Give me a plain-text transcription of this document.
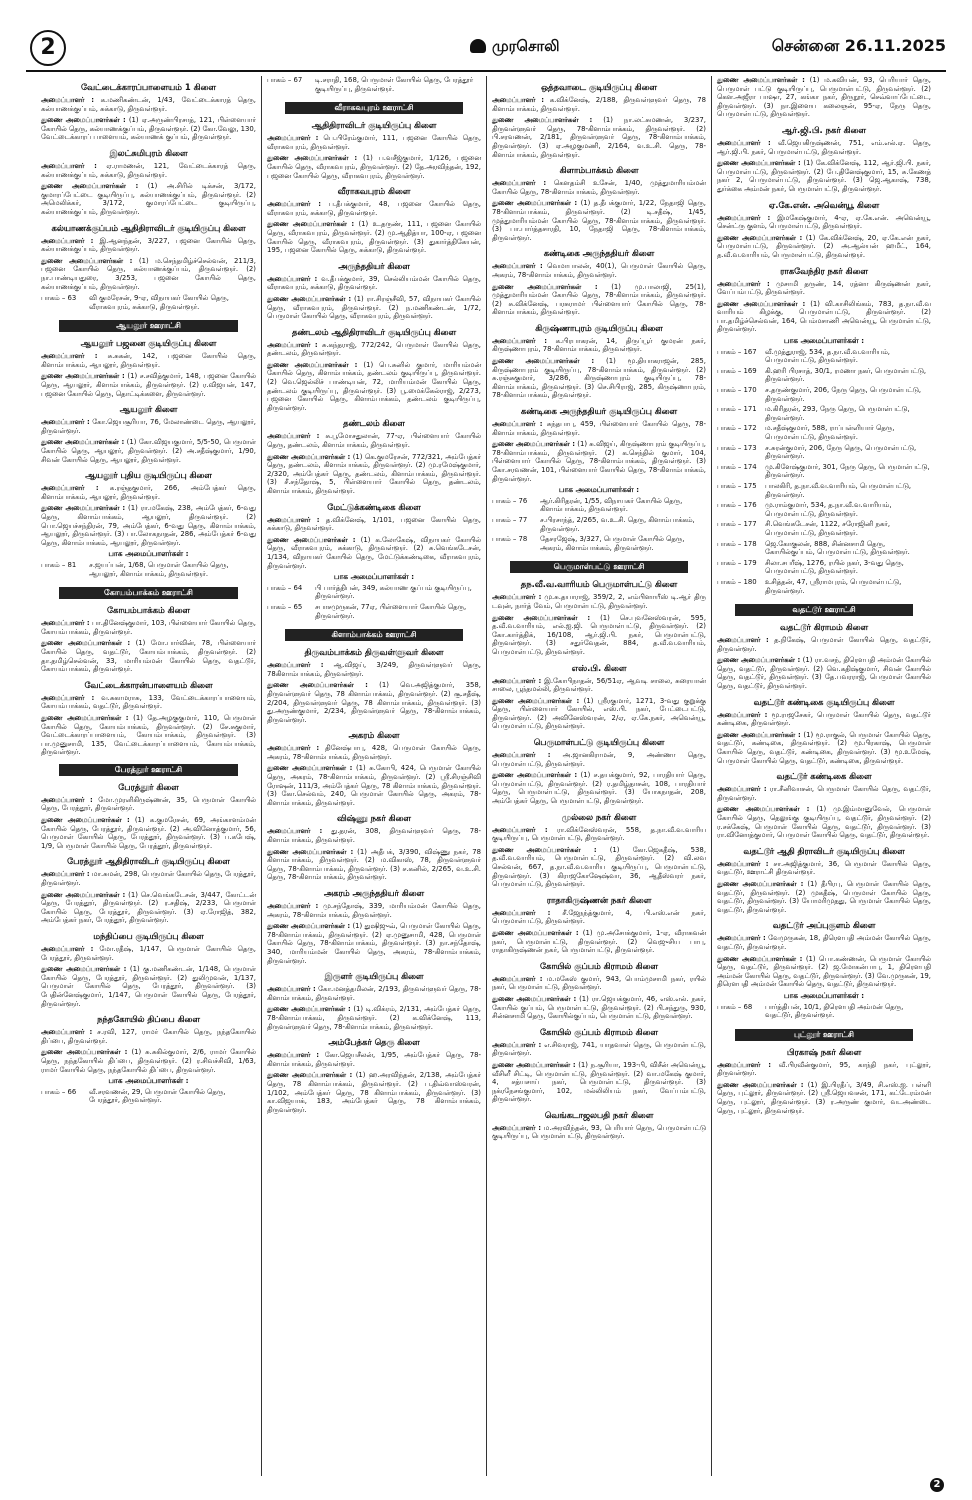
2	முரசொலி	சென்னை 26.11.2025
வேட்டைக்காரப்பாளையம் 1 கிளை
அமைப்பாளர் : க.மணிகண்டன், 1/43, வேட்டைக்காரத் தெரு, கல்யாணக்குப்பம், சுக்காடு, திருவள்ளூர்.
துணை அமைப்பாளர்கள் : (1) ஏ.அருண்பிரசாத், 121, பிள்ளையார் கோயில் தெரு, கல்யாணக்குப்பம், திருவள்ளூர். (2) கோ.வேலு, 130, வேட்டைக்காரப் பாளையம், கல்யாணக் குப்பம், திருவள்ளூர்.
இலட்சுமிபுரம் கிளை
அமைப்பாளர் : ஏ.ராமணன், 121, வேட்டைக்காரத் தெரு, கல்யாணக்குப்பம், சுக்காடு, திருவள்ளூர்.
துணை அமைப்பாளர்கள் : (1) அ.சிரில் டிக்சன், 3/172, குமாரப்பேட்டை குடியிருப்பு, கல்யாணக்குப்பம், திருவள்ளூர். (2) அமெலிக்கர், 3/172, குமாரப்பேட்டை குடியிருப்பு, கல்யாணக்குப்பம், திருவள்ளூர்.
கல்யாணக்குப்பம் ஆதிதிராவிடர் குடியிருப்பு கிளை
அமைப்பாளர் : இ.ஆனந்தன், 3/227, பஜனை கோயில் தெரு, கல்யாணக்குப்பம், திருவள்ளூர்.
துணை அமைப்பாளர்கள் : (1) ம.செந்தமிழ்ச்செல்வன், 211/3, பஜனை கோயில் தெரு, கல்யாணக்குப்பம், திருவள்ளூர். (2) நா.பாண்டியதுரை, 3/253, பஜனை கோயில் தெரு, கல்யாணக்குப்பம், திருவள்ளூர்.
பாகம் – 63	வி குமரேசன், 9-ஏ, விநாயகர் கோயில் தெரு, வீராகவபுரம், சுக்காடு, திருவள்ளூர்.
ஆயலூர் ஊராட்சி
ஆயலூர் பஜனை குடியிருப்பு கிளை
அமைப்பாளர் : சு.சுகன், 142, பஜனை கோயில் தெரு, கிளாம்பாக்கம், ஆயலூர், திருவள்ளூர்.
துணை அமைப்பாளர்கள் : (1) ச.சவித்குமார், 148, பஜனை கோயில் தெரு, ஆயலூர், கிளாம்பாக்கம், திருவள்ளூர். (2) ர.விஜயன், 147, பஜனை கோயில் தெரு, தொட்டிக்களை, திருவள்ளூர்.
ஆயலூர் கிளை
அமைப்பாளர் : கோ.ஜெயசூரியா, 76, மேலாண்டை தெரு, ஆயலூர், திருவள்ளூர்.
துணை அமைப்பாளர்கள் : (1) கோ.விஜயகுமார், 5/5-50, பெருமாள் கோயில் தெரு, ஆயலூர், திருவள்ளூர். (2) அ.சதீஷ்குமார், 1/90, சிவன் கோயில் தெரு, ஆயலூர், திருவள்ளூர்.
ஆயலூர் புதிய குடியிருப்பு கிளை
அமைப்பாளர் : க.ரஞ்தகுமார், 266, அம்பேத்கர் தெரு, கிளாம்பாக்கம், ஆயலூர், திருவள்ளூர்.
துணை அமைப்பாளர்கள் : (1) ரா.மகேஷ், 238, அம்பேத்கர், 6-வது தெரு, கிளாம்பாக்கம், ஆயலூர், திருவள்ளூர். (2) பொ.ஜெயச்சந்திரன், 79, அம்பேத்கர், 6-வது தெரு, கிளாம்பாக்கம், ஆயலூர், திருவள்ளூர். (3) பா.லோகநாதன், 286, அம்பேத்கர் 6-வது தெரு, கிளாம்பாக்கம், ஆயலூர், திருவள்ளூர்.
பாக அமைப்பாளர்கள் :
பாகம் – 81	ச.ஜயப்பன், 1/68, பெருமாள் கோயில் தெரு, ஆயலூர், கிளாம்பாக்கம், திருவள்ளூர்.
கோயம்பாக்கம் ஊராட்சி
கோயம்பாக்கம் கிளை
அமைப்பாளர் : பா.தினேஷ்குமார், 103, பிள்ளையார் கோயில் தெரு, கோயம்பாக்கம், திருவள்ளூர்.
துணை அமைப்பாளர்கள் : (1) மோ.பார்வின், 78, பிள்ளையார் கோயில் தெரு, வதட்டூர், கோயம்பாக்கம், திருவள்ளூர். (2) தா.தமிழ்செல்வன், 33, மாரியம்மன் கோயில் தெரு, வதட்டூர், கோயம்பாக்கம், திருவள்ளூர்.
வேட்டைக்காரன்பாளையம் கிளை
அமைப்பாளர் : வ.சுகாமராசு, 133, வேட்டைக்காரப்பாளையம், கோயம்பாக்கம், வதட்டூர், திருவள்ளூர்.
துணை அமைப்பாளர்கள் : (1) தே.அழகுகுமார், 110, பெருமாள் கோயில் தெரு, கோயம்பாக்கம், திருவள்ளூர். (2) சே.சுகுமார், வேட்டைக்காரப்பாளையம், கோயம்பாக்கம், திருவள்ளூர். (3) பா.முனுசாமி, 135, வேட்டைக்காரப்பாளையம், கோயம்பாக்கம், திருவள்ளூர்.
பேரத்தூர் ஊராட்சி
பேரத்தூர் கிளை
அமைப்பாளர் : மோ.முரளிகிருஷ்ணன், 35, பெருமாள் கோயில் தெரு, பேரத்தூர், திருவள்ளூர்.
துணை அமைப்பாளர்கள் : (1) க.குமரேசன், 69, அங்காளம்மன் கோயில் தெரு, பேரத்தூர், திருவள்ளூர். (2) அ.வினோத்குமார், 56, பெருமாள் கோயில் தெரு, பேரத்தூர், திருவள்ளூர். (3) ப.கபேஷ், 1/9, பெருமாள் கோயில் தெரு, பேரத்தூர், திருவள்ளூர்.
பேரத்தூர் ஆதிதிராவிடர் குடியிருப்பு கிளை
அமைப்பாளர் : மா.சுமன், 298, பெருமாள் கோயில் தெரு, பேரத்தூர், திருவள்ளூர்.
துணை அமைப்பாளர்கள் : (1) செ.வெங்கடேசன், 3/447, கோட்டன் தெரு, பேரத்தூர், திருவள்ளூர். (2) ர.சதிஷ், 2/233, பெருமாள் கோயில் தெரு, பேரத்தூர், திருவள்ளூர். (3) ஏ.ரோஜித், 382, அம்பேத்கர் நகர், பேரத்தூர், திருவள்ளூர்.
மந்திப்பை குடியிருப்பு கிளை
அமைப்பாளர் : மோ.ரதீஷ், 1/147, பெருமாள் கோயில் தெரு, பேரத்தூர், திருவள்ளூர்.
துணை அமைப்பாளர்கள் : (1) கு.மணிகண்டன், 1/148, பெருமாள் கோயில் தெரு, பேரத்தூர், திருவள்ளூர். (2) துலிமுவன், 1/137, பெருமாள் கோயில் தெரு, பேரத்தூர், திருவள்ளூர். (3) பேதின்னேஷ்குமார், 1/147, பெருமாள் கோயில் தெரு, பேரத்தூர், திருவள்ளூர்.
நந்தகோயில் திப்பை கிளை
அமைப்பாளர் : ச.ரவி, 127, ராமர் கோயில் தெரு, நந்தகோயில் திப்பை, திருவள்ளூர்.
துணை அமைப்பாளர்கள் : (1) சு.சுகில்குமார், 2/6, ராமர் கோயில் தெரு, நந்தகோயில் திப்பை, திருவள்ளூர். (2) ர.சிவச்சிவி, 1/63, ராமர் கோயில் தெரு, நந்தகோயில் திப்பை, திருவள்ளூர்.
பாக அமைப்பாளர்கள் :
பாகம் – 66	வீ.சரவணன், 29, பெருமாள் கோயில் தெரு, பேரத்தூர், திருவள்ளூர்.
பாகம் – 67	டி.சராதி, 168, பெருமாள் கோயில் தெரு, பேரத்தூர் குடியிருப்பு, திருவள்ளூர்.
வீராகவபுரம் ஊராட்சி
ஆதிதிராவிடர் குடியிருப்பு கிளை
அமைப்பாளர் : பெ.பிரேம்குமார், 111, பஜனை கோயில் தெரு, வீராகவபுரம், திருவள்ளூர்.
துணை அமைப்பாளர்கள் : (1) ப.வசீஜ்குமார், 1/126, பஜனை கோயில் தெரு, வீராகவபுரம், திருவள்ளூர். (2) தே.அரவிந்தன், 192, பஜனை கோயில் தெரு, வீராகவபுரம், திருவள்ளூர்.
வீராகவபுரம் கிளை
அமைப்பாளர் : ப.தீபக்குமார், 48, பஜனை கோயில் தெரு, வீராகவபுரம், சுக்காடு, திருவள்ளூர்.
துணை அமைப்பாளர்கள் : (1) உ.தருண், 111, பஜனை கோயில் தெரு, வீராகவபுரம், திருவள்ளூர். (2) மு.ஆதித்யா, 100-ஏ, பஜனை கோயில் தெரு, வீராகவபுரம், திருவள்ளூர். (3) துகார்த்திகேயன், 195, பஜனை கோயில் தெரு, சுக்காடு, திருவள்ளூர்.
அருந்ததியர் கிளை
அமைப்பாளர் : வ.தீபக்குமார், 39, செல்லியம்மன் கோயில் தெரு, வீராகவபுரம், சுக்காடு, திருவள்ளூர்.
துணை அமைப்பாளர்கள் : (1) ரா.சிரஞ்சீவி, 57, விநாயகர் கோயில் தெரு, வீராகவபுரம், திருவள்ளூர். (2) ந.மணிகண்டன், 1/72, பெருமாள் கோயில் தெரு, வீராகவபுரம், திருவள்ளூர்.
தண்டலம் ஆதிதிராவிடர் குடியிருப்பு கிளை
அமைப்பாளர் : சு.கந்தராஜ், 772/242, பெருமாள் கோயில் தெரு, தண்டலம், திருவள்ளூர்.
துணை அமைப்பாளர்கள் : (1) பெ.சுனில் குமார், மாரியம்மன் கோயில் தெரு, கிளாம்பாக்கம், தண்டலம் குடியிருப்பு, திருவள்ளூர். (2) வெ.ஜெல்லிச் பாண்டியன், 72, மாரியம்மன் கோயில் தெரு, தண்டலம் குடியிருப்பு, திருவள்ளூர். (3) பூ.மைக்கேல்ராஜ், 2/273, பஜனை கோயில் தெரு, கிளாம்பாக்கம், தண்டலம் குடியிருப்பு, திருவள்ளூர்.
தண்டலம் கிளை
அமைப்பாளர் : சு.பூமோசதுலான், 77-ஏ, பிள்ளையார் கோயில் தெரு, தண்டலம், கிளாம்பாக்கம், திருவள்ளூர்.
துணை அமைப்பாளர்கள் : (1) கெ.குமரேசன், 772/321, அம்பேத்கர் தெரு, தண்டலம், கிளாம்பாக்கம், திருவள்ளூர். (2) மு.ரமேஷ்குமார், 2/320, அம்பேத்கர் தெரு, தண்டலம், கிளாம்பாக்கம், திருவள்ளூர். (3) சீ.சந்தோஷ், 5, பிள்ளையார் கோயில் தெரு, தண்டலம், கிளாம்பாக்கம், திருவள்ளூர்.
மேட்டுக்கண்டிகை கிளை
அமைப்பாளர் : த.விக்னேஷ், 1/101, பஜனை கோயில் தெரு, சுக்காடு, திருவள்ளூர்.
துணை அமைப்பாளர்கள் : (1) க.லோகேஷ், விநாயகர் கோயில் தெரு, வீராகவபுரம், சுக்காடு, திருவள்ளூர். (2) சு.வெங்கடேசன், 1/134, விநாயகர் கோயில் தெரு, மேட்டுக்கண்டிகை, வீராகவபுரம், திருவள்ளூர்.
பாக அமைப்பாளர்கள் :
பாகம் – 64	பி பார்த்திபன், 349, கல்யாண குப்பம் குடியிருப்பு, திருவள்ளூர்.
பாகம் – 65	சபாசமுருகன், 77ஏ, பிள்ளையார் கோயில் தெரு, திருவள்ளூர்.
கிளாம்பாக்கம் ஊராட்சி
திருவம்பாக்கம் திருவள்ளுவர் கிளை
அமைப்பாளர் : ஆ.விஜய், 3/249, திருவள்ளுவர் தெரு, 78கிளாம்பாக்கம், திருவள்ளூர்.
துணை அமைப்பாளர்கள் : (1) வெ.அஜித்குமார், 358, திருவள்ளுவர் தெரு, 78 கிளாம்பாக்கம், திருவள்ளூர். (2) சூ.சதீஷ், 2/204, திருவள்ளுவர் தெரு, 78 கிளாம்பாக்கம், திருவள்ளூர். (3) து.அருண்குமார், 2/234, திருவள்ளுவர் தெரு, 78-கிளாம்பாக்கம், திருவள்ளூர்.
அகரம் கிளை
அமைப்பாளர் : தினேஷ்பாபு, 428, பெருமாள் கோயில் தெரு, அகரம், 78-கிளாம்பாக்கம், திருவள்ளூர்.
துணை அமைப்பாளர்கள் : (1) சு.கோபி, 424, பெருமாள் கோயில் தெரு, அகரம், 78-கிளாம்பாக்கம், திருவள்ளூர். (2) ஸ்ரீ.சிரஞ்சிவி ரோஷன், 111/3, அம்பேத்கர் தெரு, 78 கிளாம்பாக்கம், திருவள்ளூர். (3) கோ.செல்வம், 240, பெருமாள் கோயில் தெரு, அகரம், 78-கிளாம்பாக்கம், திருவள்ளூர்.
விஷ்ணு நகர் கிளை
அமைப்பாளர் : து.தரன், 308, திருவள்ளுவர் தெரு, 78-கிளாம்பாக்கம், திருவள்ளூர்.
துணை அமைப்பாளர்கள் : (1) அதீபக், 3/390, விஷ்ணு நகர், 78 கிளாம்பாக்கம், திருவள்ளூர். (2) ம.விகாஸ், 78, திருவள்ளுவர் தெரு, 78-கிளாம்பாக்கம், திருவள்ளூர். (3) ச.கனில், 2/265, வ.உ.சி. தெரு, 78-கிளாம்பாக்கம், திருவள்ளூர்.
அகரம் அருந்ததியர் கிளை
அமைப்பாளர் : மு.சந்தோஷ், 339, மாரியம்மன் கோயில் தெரு, அகரம், 78-கிளாம்பாக்கம், திருவள்ளூர்.
துணை அமைப்பாளர்கள் : (1) துஷிஜுவ், பெருமாள் கோயில் தெரு, 78-கிளாம்பாக்கம், திருவள்ளூர். (2) ஏ.முனுசாமி, 428, பெருமாள் கோயில் தெரு, 78-கிளாம்பாக்கம், திருவள்ளூர். (3) நா.சந்தோஷ், 340, மாரியம்மன் கோயில் தெரு, அகரம், 78-கிளாம்பாக்கம், திருவள்ளூர்.
இருளர் குடியிருப்பு கிளை
அமைப்பாளர் : கோ.மனத்தமிலன், 2/193, திருவள்ளுவர் தெரு, 78-கிளாம்பாக்கம், திருவள்ளூர்.
துணை அமைப்பாளர்கள் : (1) டி.விக்ரம், 2/131, அம்பேத்கர் தெரு, 78-கிளாம்பாக்கம், திருவள்ளூர். (2) க.விக்னேஷ், 113, திருவள்ளுவர் தெரு, 78-கிளாம்பாக்கம், திருவள்ளூர்.
அம்பேத்கர் தெரு கிளை
அமைப்பாளர் : கோ.ஜெயசீலன், 1/95, அம்பேத்கர் தெரு, 78-கிளாம்பாக்கம், திருவள்ளூர்.
துணை அமைப்பாளர்கள் : (1) ஹ.அரவிந்தன், 2/138, அம்பேத்கர் தெரு, 78 கிளாம்பாக்கம், திருவள்ளூர். (2) ப.திவ்வாஸ்வரன், 1/102, அம்பேத்கர் தெரு, 78 கிளாம்பாக்கம், திருவள்ளூர். (3) கா.விஜயாக், 183, அம்பேத்கர் தெரு, 78 கிளாம்பாக்கம், திருவள்ளூர்.
ஒத்தவாடை குடியிருப்பு கிளை
அமைப்பாளர் : க.விக்னேஷ், 2/188, திருவள்ளுவர் தெரு, 78 கிளாம்பாக்கம், திருவள்ளூர்.
துணை அமைப்பாளர்கள் : (1) நா.லட்சுமணன், 3/237, திருவள்ளுவர் தெரு, 78-கிளாம்பாக்கம், திருவள்ளூர். (2) பி.சரவணன், 2/181, திருவள்ளுவர் தெரு, 78-கிளாம்பாக்கம், திருவள்ளூர். (3) ஏ.அழகுமணி, 2/164, வ.உ.சி. தெரு, 78-கிளாம்பாக்கம், திருவள்ளூர்.
கிளாம்பாக்கம் கிளை
அமைப்பாளர் : கௌதம்சி உசேன், 1/40, முத்துமாரியம்மன் கோயில் தெரு, 78-கிளாம்பாக்கம், திருவள்ளூர்.
துணை அமைப்பாளர்கள் : (1) த.தீபக்குமார், 1/22, நேதாஜி தெரு, 78-கிளாம்பாக்கம், திருவள்ளூர். (2) டி.சதீஷ், 1/45, முத்துமாரியம்மன் கோயில் தெரு, 78-கிளாம்பாக்கம், திருவள்ளூர். (3) பா.பார்த்தசாரதி, 10, நேதாஜி தெரு, 78-கிளாம்பாக்கம், திருவள்ளூர்.
கண்டிகை அருந்ததியர் கிளை
அமைப்பாளர் : வெமாபாலன், 40(1), பெருமாள் கோயில் தெரு, அகரம், 78-கிளாம்பாக்கம், திருவள்ளூர்.
துணை அமைப்பாளர்கள் : (1) மு.பாலாஜி, 25(1), முத்துமாரியம்மன் கோயில் தெரு, 78-கிளாம்பாக்கம், திருவள்ளூர். (2) சு.விக்னேஷ், பரசுராமர் பிள்ளையார் கோயில் தெரு, 78-கிளாம்பாக்கம், திருவள்ளூர்.
கிருஷ்ணாபுரம் குடியிருப்பு கிளை
அமைப்பாளர் : க.பிரபாகரன், 14, திருப்பூர் குமரன் நகர், கிருஷ்ணாபுரம், 78-கிளாம்பாக்கம், திருவள்ளூர்.
துணை அமைப்பாளர்கள் : (1) மூ.தியாகராஜன், 285, கிருஷ்ணாபுரம் குடியிருப்பு, 78-கிளாம்பாக்கம், திருவள்ளூர். (2) சு.ரஞ்சுகுமார், 3/286, கிருஷ்ணாபுரம் குடியிருப்பு, 78-கிளாம்பாக்கம், திருவள்ளூர். (3) செ.சிபிராஜ், 285, கிருஷ்ணாபுரம், 78-கிளாம்பாக்கம், திருவள்ளூர்.
கண்டிகை அருந்ததியர் குடியிருப்பு கிளை
அமைப்பாளர் : சுந்தபாபு, 459, பிள்ளையார் கோயில் தெரு, 78-கிளாம்பாக்கம், திருவள்ளூர்.
துணை அமைப்பாளர்கள் : (1) சு.விஜய், கிருஷ்ணாபுரம் குடியிருப்பு, 78-கிளாம்பாக்கம், திருவள்ளூர். (2) க.செந்தில் குமார், 104, பிள்ளையார் கோயில் தெரு, 78-கிளாம்பாக்கம், திருவள்ளூர். (3) கோ.சரவணன், 101, பிள்ளையார் கோயில் தெரு, 78-கிளாம்பாக்கம், திருவள்ளூர்.
பாக அமைப்பாளர்கள் :
பாகம் – 76	ஆர்.கிரிதரன், 1/55, விநாயகர் கோயில் தெரு, கிளாம்பாக்கம், திருவள்ளூர்.
பாகம் – 77	ச.பிரசாந்த், 2/265, வ.உ.சி. தெரு, கிளாம்பாக்கம், திருவள்ளூர்.
பாகம் – 78	தேசரஜேஷ், 3/327, பெருமாள் கோயில் தெரு, அகரம், கிளாம்பாக்கம், திருவள்ளூர்.
பெருமாள்பட்டு ஊராட்சி
தந.வீ.வ.வாரியம் பெருமாள்பட்டு கிளை
அமைப்பாளர் : மு.சு.தயாராஜ், 359/2, 2, எம்பிளாயீஸ் டி.ஆர் திரு டவுன், நார்த் வேம், பெருமாள்பட்டு, திருவள்ளூர்.
துணை அமைப்பாளர்கள் : (1) செ.புவனேஸ்வரன், 595, த.வீ.வ.வாரியம், எல்.ஐ.ஜி. பெருமாள்பட்டு, திருவள்ளூர். (2) கோ.கார்த்திக், 16/108, ஆர்.ஜி.பி. நகர், பெருமாள்பட்டு, திருவள்ளூர். (3) சதுர்வேதன், 884, த.வீ.வ.வாரியம், பெருமாள்பட்டு, திருவள்ளூர்.
எஸ்.பி. கிளை
அமைப்பாளர் : இ.கோபிநாதன், 56/51ஏ, ஆவடி சாலை, சுரையான் சாலை, பூந்தமல்லி, திருவள்ளூர்.
துணை அமைப்பாளர்கள் : (1) ஸ்ரீரகுமார், 1271, 3-வது குறுக்கு தெரு, பிள்ளையார் கோயில், எஸ்.பி. நகர், பேட்டைபட்டு, திருவள்ளூர். (2) அவினேஸ்வரன், 2/ஏ, ஏ.கே.நகர், அவென்யூ, பெருமாள்பட்டு, திருவள்ளூர்.
பெருமாள்பட்டு குடியிருப்பு கிளை
அமைப்பாளர் : அ.ஜானகிராமன், 9, அண்ணா தெரு, பெருமாள்பட்டு, திருவள்ளூர்.
துணை அமைப்பாளர்கள் : (1) ச.தயக்குமார், 92, பாரதியார் தெரு, பெருமாள்பட்டு, திருவள்ளூர். (2) ர.தமிழ்தாசன், 108, பாரதியார் தெரு, பெருமாள்பட்டு, திருவள்ளூர். (3) யோகநாதன், 208, அம்பேத்கர் தெரு, பெருமாள்பட்டு, திருவள்ளூர்.
முல்லை நகர் கிளை
அமைப்பாளர் : ரா.விக்னேஸ்வரன், 558, த.நா.வீ.வ.வாரிய குடியிருப்பு, பெருமாள்பட்டு, திருவள்ளூர்.
துணை அமைப்பாளர்கள் : (1) கோ.ஜெகதீஷ், 538, த.வீ.வ.வாரியம், பெருமாள்பட்டு, திருவள்ளூர். (2) வி.லவ செல்வன், 667, த.நா.வீ.வ.வாரிய குடியிருப்பு, பெருமாள்பட்டு, திருவள்ளூர். (3) கிராஜகோஷேஷ்வா, 36, ஆதீஸ்வரர் நகர், பெருமாள்பட்டு, திருவள்ளூர்.
ராதாகிருஷ்ணன் நகர் கிளை
அமைப்பாளர் : சீ.ஜேநந்த்குமார், 4, பி.எஸ்.என் நகர், பெருமாள்பட்டு, திருவள்ளூர்.
துணை அமைப்பாளர்கள் : (1) மு.அசோக்குமார், 1-ஏ, வீராசுவன் நகர், பெருமாள்பட்டு, திருவள்ளூர். (2) வெஜுசிய பாபு, ராதாகிருஷ்ணன் நகர், பெருமாள்பட்டு, திருவள்ளூர்.
கோயில் குப்பம் கிராமம் கிளை
அமைப்பாளர் : ம.மகேஸ் குமார், 943, பொம்முசாமி நகர், ரயில் நகர், பெருமாள்பட்டு, திருவள்ளூர்.
துணை அமைப்பாளர்கள் : (1) ரா.ஜெயக்குமார், 46, எஸ்.எல். நகர், கோயில் குப்பம், பெருமாள்பட்டு, திருவள்ளூர். (2) பி.சந்துரு, 930, சின்னசாமி தெரு, கோயில்குப்பம், பெருமாள்பட்டு, திருவள்ளூர்.
கோயில் குப்பம் கிராமம் கிளை
அமைப்பாளர் : எ.சிவராஜ், 741, யாதவாள் தெரு, பெருமாள்பட்டு, திருவள்ளூர்.
துணை அமைப்பாளர்கள் : (1) ந.சூரியா, 193-பி, விசீன் அவென்யூ, வீசிளீ சிட்டி, பெருமாள்பட்டு, திருவள்ளூர். (2) வா.மகேஷ் குமார், 4, சத்யசாய் நகர், பெருமாள்பட்டு, திருவள்ளூர். (3) நக்ரநேசங்குமார், 102, மல்லிலியம் நகர், வேப்பம்பட்டு, திருவள்ளூர்.
வெங்கடாஜலபதி நகர் கிளை
அமைப்பாளர் : ம.அரவிந்தன், 93, பெரியார் தெரு, பெருமாள்பட்டு குடியிருப்பு, பெருமாள்பட்டு, திருவள்ளூர்.
துணை அமைப்பாளர்கள் : (1) ம.கவியன், 93, பெரியார் தெரு, பெருமாள் பட்டு குடியிருப்பு, பெருமாள்பட்டு, திருவள்ளூர். (2) கௌ.அஜீரா பாஷா, 27, கங்கா நகர், திருநூர், செவ்வாப்பேட்டை, திருவள்ளூர். (3) நா.இளைய கலைஞன், 95-ஏ, நேரு தெரு, பெருமாள்பட்டு, திருவள்ளூர்.
ஆர்.ஜி.பி. நகர் கிளை
அமைப்பாளர் : வீ.ஜெயகிருஷ்ணன், 751, எம்.எல்.ஏ. தெரு, ஆர்.ஜி.பி. நகர், பெருமாள்பட்டு, திருவள்ளூர்.
துணை அமைப்பாளர்கள் : (1) கே.விக்னேஷ், 112, ஆர்.ஜி.பி. நகர், பெருமாள்பட்டு, திருவள்ளூர். (2) பே.தினேஷ்குமார், 15, சு.கேணத் நகர் 2, பெருமாள்பட்டு, திருவள்ளூர். (3) ஜெ.ஆகாஷ், 738, துர்க்கை அம்மன் நகர், பெருமாள்பட்டு, திருவள்ளூர்.
ஏ.கே.என். அவென்யூ கிளை
அமைப்பாளர் : இமகேஷ்குமார், 4-ஏ, ஏ.கே.என். அவென்யூ, சென்ட்ரு குளம், பெருமாள்பட்டு, திருவள்ளூர்.
துணை அமைப்பாளர்கள் : (1) கே.விக்னேஷ், 20, ஏ.கே.என் நகர், பெருமாள்பட்டு, திருவள்ளூர். (2) அ.ஆல்யன் ஹமீட், 164, த.வீ.வ.வாரியம், பெருமாள்பட்டு, திருவள்ளூர்.
ராகவேந்திர நகர் கிளை
அமைப்பாளர் : முசாமி தருண், 14, ரத்னா கிருஷ்ணன் நகர், வேப்பம்பட்டு, திருவள்ளூர்.
துணை அமைப்பாளர்கள் : (1) வி.காசிலிங்கம், 783, த.நா.வீ.வ வாரியம் கிழக்கு, பெருமாள்பட்டு, திருவள்ளூர். (2) பா.தமிழ்ச்செல்வன், 164, பெம்மசாணி அவென்யூ, பெருமாள்பட்டு, திருவள்ளூர்.
பாக அமைப்பாளர்கள் :
பாகம் – 167	வீ.முத்துராஜ், 534, த.நா.வீ.வ.வாரியம், பெருமாள்பட்டு, திருவள்ளூர்.
பாகம் – 169	கி.ஹரி பிரசாத், 30/1, ரமணா நகர், பெருமாள்பட்டு, திருவள்ளூர்.
பாகம் – 170	ச.தருண்குமார், 206, நேரு தெரு, பெருமாள்பட்டு, திருவள்ளூர்.
பாகம் – 171	ம.கிரிதரன், 293, நேரு தெரு, பெருமாள்பட்டு, திருவள்ளூர்.
பாகம் – 172	ம.சதீஷ்குமார், 588, ராப்பள்ளியார் தெரு, பெருமாள்பட்டு, திருவள்ளூர்.
பாகம் – 173	ச.சுரன்குமார், 206, நேரு தெரு, பெருமாள்பட்டு, திருவள்ளூர்.
பாகம் – 174	மு.கிளேஷ்குமார், 301, நேரு தெரு, பெருமாள்பட்டு, திருவள்ளூர்.
பாகம் – 175	பாலகிரி, த.நா.வீ.வ.வாரியம், பெருமாள்பட்டு, திருவள்ளூர்.
பாகம் – 176	மு.ராம்குமார், 534, த.நா.வீ.வ.வாரியம், பெருமாள்பட்டு, திருவள்ளூர்.
பாகம் – 177	சி.வெங்கடேசன், 1122, சரோஜினி நகர், பெருமாள்பட்டு, திருவள்ளூர்.
பாகம் – 178	ஜெ.கோகுலன், 888, சின்னசாமி தெரு, கோயில்குப்பம், பெருமாள்பட்டு, திருவள்ளூர்.
பாகம் – 179	சிலா.சபரீஷ், 1276, ரயில் நகர், 3-வது தெரு, பெருமாள்பட்டு, திருவள்ளூர்.
பாகம் – 180	உசித்தன், 47, ஸ்ரீராமபுரம், பெருமாள்பட்டு, திருவள்ளூர்.
வதட்டூர் ஊராட்சி
வதட்டூர் கிராமம் கிளை
அமைப்பாளர் : த.நிகேஷ், பெருமாள் கோயில் தெரு, வதட்டூர், திருவள்ளூர்.
துணை அமைப்பாளர்கள் : (1) ரா.வசந், திரௌபதி அம்மன் கோயில் தெரு, வதட்டூர், திருவள்ளூர். (2) வெ.கதிஷ்குமார், சிவன் கோயில் தெரு, வதட்டூர், திருவள்ளூர். (3) தே.பவரராஜ், பெருமாள் கோயில் தெரு, வதட்டூர், திருவள்ளூர்.
வதட்டூர் கண்டிகை குடியிருப்பு கிளை
அமைப்பாளர் : மூ.ராஜசேகர், பெருமாள் கோயில் தெரு, வதட்டூர் கண்டிகை, திருவள்ளூர்.
துணை அமைப்பாளர்கள் : (1) மூ.ராகுல், பெருமாள் கோயில் தெரு, வதட்டூர், கண்டிகை, திருவள்ளூர். (2) மூ.பிரகாஷ், பெருமாள் கோயில் தெரு, வதட்டூர், கண்டிகை, திருவள்ளூர். (3) மூ.உமேஷ், பெருமாள் கோயில் தெரு, வதட்டூர், கண்டிகை, திருவள்ளூர்.
வதட்டூர் கண்டிகை கிளை
அமைப்பாளர் : ரா.சீனிவாசன், பெருமாள் கோயில் தெரு, வதட்டூர், திருவள்ளூர்.
துணை அமைப்பாளர்கள் : (1) மு.இம்மானுவேல், பெருமாள் கோயில் தெரு, தெலுங்கு குடியிருப்பு, வதட்டூர், திருவள்ளூர். (2) ர.சக்கேஷ், பெருமாள் கோயில் தெரு, வதட்டூர், திருவள்ளூர். (3) ரா.வினோத்குமார், பெருமாள் கோயில் தெரு, வதட்டூர், திருவள்ளூர்.
வதட்டூர் ஆதி திராவிடர் குடியிருப்பு கிளை
அமைப்பாளர் : சா.அஜித்குமார், 36, பெருமாள் கோயில் தெரு, வதட்டூர், ஊராட்சி திருவள்ளூர்.
துணை அமைப்பாளர்கள் : (1) தீபிரபு, பெருமாள் கோயில் தெரு, வதட்டூர், திருவள்ளூர். (2) முகதீஷ், பெருமாள் கோயில் தெரு, வதட்டூர், திருவள்ளூர். (3) யோமரிமுதது, பெருமாள் கோயில் தெரு, வதட்டூர், திருவள்ளூர்.
வதட்டூர் அப்புகுளம் கிளை
அமைப்பாளர் : வேமுருகன், 18, திரௌபதி அம்மன் கோயில் தெரு, வதட்டூர், திருவள்ளூர்.
துணை அமைப்பாளர்கள் : (1) பொ.கண்ணன், பெருமாள் கோயில் தெரு, வதட்டூர், திருவள்ளூர். (2) ஜ.மோகன்பாபு, 1, திரௌபதி அம்மன் கோயில் தெரு, வதட்டூர், திருவள்ளூர். (3) வே.முருகன், 19, திரௌபதி அம்மன் கோயில் தெரு, வதட்டூர், திருவள்ளூர்.
பாக அமைப்பாளர்கள் :
பாகம் – 68	பார்த்திபன், 10/1, திரௌபதி அம்மன் தெரு, வதட்டூர், திருவள்ளூர்.
புட்லூர் ஊராட்சி
பிரகாஷ் நகர் கிளை
அமைப்பாளர் : வீ.பிரவீன்குமார், 95, காந்தி நகர், புட்லூர், திருவள்ளூர்.
துணை அமைப்பாளர்கள் : (1) இ.பிரதீப், 3/49, சி.எஸ்.ஐ. பள்ளி தெரு, புட்லூர், திருவள்ளூர். (2) ஸ்ரீ.ஜெயவசன், 171, கட்டேரம்மன் தெரு, புட்லூர், திருவள்ளூர். (3) ர.அருண் குமார், வடஅண்டை தெரு, புட்லூர், திருவள்ளூர்.
2
